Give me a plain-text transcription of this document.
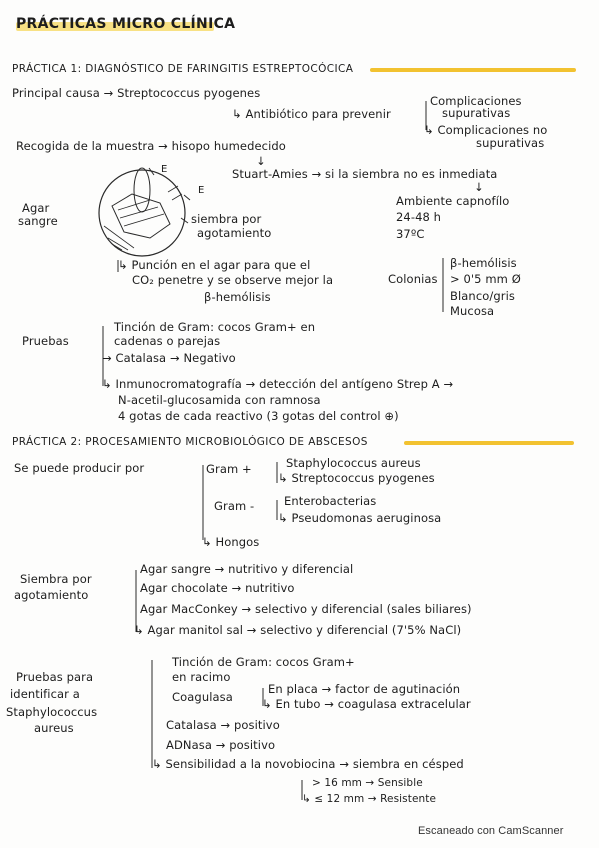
PRÁCTICAS MICRO CLÍNICA
PRÁCTICA 1: DIAGNÓSTICO DE FARINGITIS ESTREPTOCÓCICA
Principal causa → Streptococcus pyogenes
↳ Antibiótico para prevenir
Complicaciones
supurativas
↳ Complicaciones no
supurativas
Recogida de la muestra → hisopo humedecido
↓
Stuart-Amies → si la siembra no es inmediata
↓
Ambiente capnofílo
24-48 h
37ºC
Agar
sangre
E
E
siembra por
agotamiento
↳ Punción en el agar para que el
CO₂ penetre y se observe mejor la
β-hemólisis
Colonias
β-hemólisis
> 0'5 mm Ø
Blanco/gris
Mucosa
Pruebas
Tinción de Gram: cocos Gram+ en
cadenas o parejas
→ Catalasa → Negativo
↳ Inmunocromatografía → detección del antígeno Strep A →
N-acetil-glucosamida con ramnosa
4 gotas de cada reactivo (3 gotas del control ⊕)
PRÁCTICA 2: PROCESAMIENTO MICROBIOLÓGICO DE ABSCESOS
Se puede producir por	Gram +	Staphylococcus aureus
↳ Streptococcus pyogenes
Gram -	Enterobacterias
↳ Pseudomonas aeruginosa
↳ Hongos
Siembra por
agotamiento
Agar sangre → nutritivo y diferencial
Agar chocolate → nutritivo
Agar MacConkey → selectivo y diferencial (sales biliares)
↳ Agar manitol sal → selectivo y diferencial (7'5% NaCl)
Pruebas para
identificar a
Staphylococcus
aureus
Tinción de Gram: cocos Gram+
en racimo
Coagulasa
En placa → factor de agutinación
↳ En tubo → coagulasa extracelular
Catalasa → positivo
ADNasa → positivo
↳ Sensibilidad a la novobiocina → siembra en césped
> 16 mm → Sensible
↳ ≤ 12 mm → Resistente
Escaneado con CamScanner
